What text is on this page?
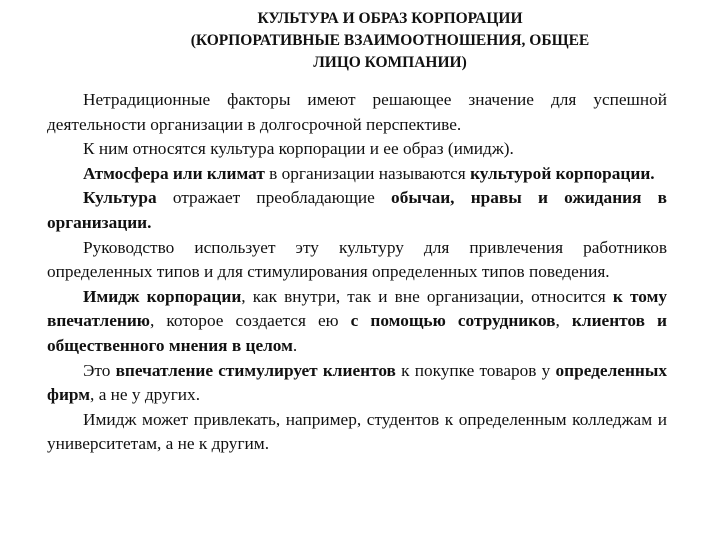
КУЛЬТУРА И ОБРАЗ КОРПОРАЦИИ
(КОРПОРАТИВНЫЕ ВЗАИМООТНОШЕНИЯ, ОБЩЕЕ
ЛИЦО КОМПАНИИ)

Нетрадиционные факторы имеют решающее значение для успешной деятельности организации в долгосрочной перспективе.

К ним относятся культура корпорации и ее образ (имидж).

Атмосфера или климат в организации называются культурой корпорации.

Культура отражает преобладающие обычаи, нравы и ожидания в организации.

Руководство использует эту культуру для привлечения работников определенных типов и для стимулирования определенных типов поведения.

Имидж корпорации, как внутри, так и вне организации, относится к тому впечатлению, которое создается ею с помощью сотрудников, клиентов и общественного мнения в целом.

Это впечатление стимулирует клиентов к покупке товаров у определенных фирм, а не у других.

Имидж может привлекать, например, студентов к определенным колледжам и университетам, а не к другим.
